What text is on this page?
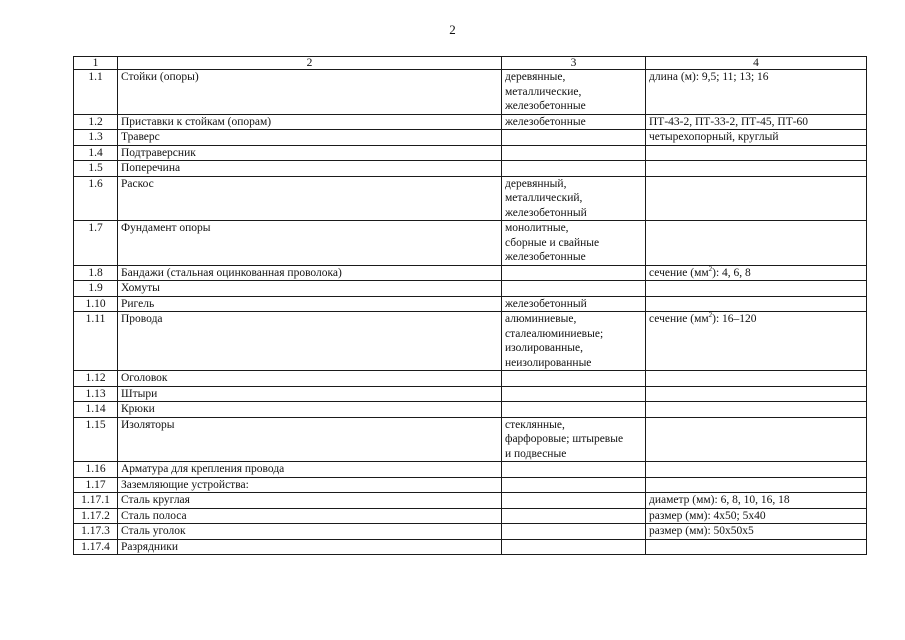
2
1	2	3	4
1.1	Стойки (опоры)	деревянные,
металлические,
железобетонные	длина (м): 9,5; 11; 13; 16
1.2	Приставки к стойкам (опорам)	железобетонные	ПТ-43-2, ПТ-33-2, ПТ-45, ПТ-60
1.3	Траверс		четырехопорный, круглый
1.4	Подтраверсник		
1.5	Поперечина		
1.6	Раскос	деревянный,
металлический,
железобетонный	
1.7	Фундамент опоры	монолитные,
сборные и свайные
железобетонные	
1.8	Бандажи (стальная оцинкованная проволока)		сечение $(мм^2)$: 4, 6, 8
1.9	Хомуты		
1.10	Ригель	железобетонный	
1.11	Провода	алюминиевые,
сталеалюминиевые;
изолированные,
неизолированные	сечение $(мм^2)$: 16–120
1.12	Оголовок		
1.13	Штыри		
1.14	Крюки		
1.15	Изоляторы	стеклянные,
фарфоровые; штыревые
и подвесные	
1.16	Арматура для крепления провода		
1.17	Заземляющие устройства:		
1.17.1	Сталь круглая		диаметр (мм): 6, 8, 10, 16, 18
1.17.2	Сталь полоса		размер (мм): 4х50; 5х40
1.17.3	Сталь уголок		размер (мм): 50х50х5
1.17.4	Разрядники		
